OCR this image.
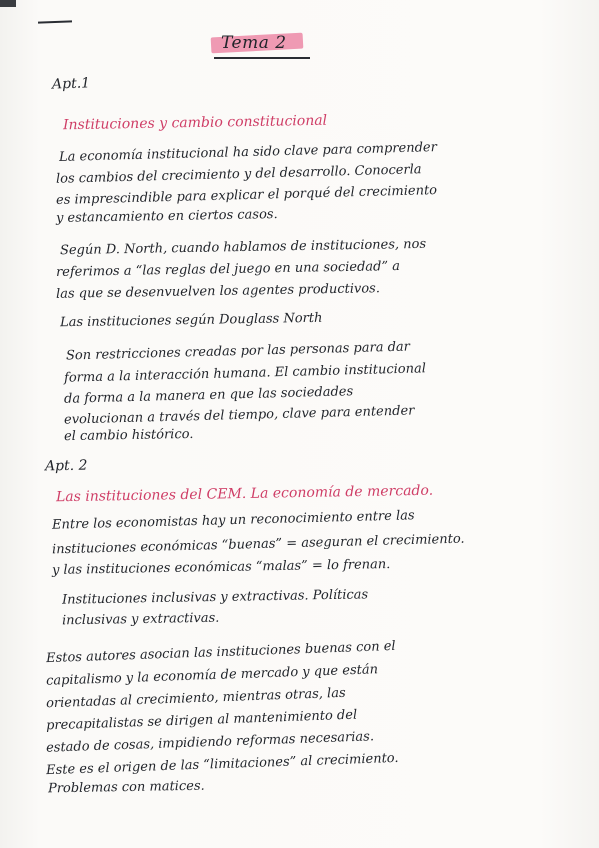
Tema 2
Apt.1
Instituciones y cambio constitucional
La economía institucional ha sido clave para comprender
los cambios del crecimiento y del desarrollo. Conocerla
es imprescindible para explicar el porqué del crecimiento
y estancamiento en ciertos casos.
Según D. North, cuando hablamos de instituciones, nos
referimos a “las reglas del juego en una sociedad” a
las que se desenvuelven los agentes productivos.
Las instituciones según Douglass North
Son restricciones creadas por las personas para dar
forma a la interacción humana. El cambio institucional
da forma a la manera en que las sociedades
evolucionan a través del tiempo, clave para entender
el cambio histórico.
Apt. 2
Las instituciones del CEM. La economía de mercado.
Entre los economistas hay un reconocimiento entre las
instituciones económicas “buenas” = aseguran el crecimiento.
y las instituciones económicas “malas” = lo frenan.
Instituciones inclusivas y extractivas. Políticas
inclusivas y extractivas.
Estos autores asocian las instituciones buenas con el
capitalismo y la economía de mercado y que están
orientadas al crecimiento, mientras otras, las
precapitalistas se dirigen al mantenimiento del
estado de cosas, impidiendo reformas necesarias.
Este es el origen de las “limitaciones” al crecimiento.
Problemas con matices.
